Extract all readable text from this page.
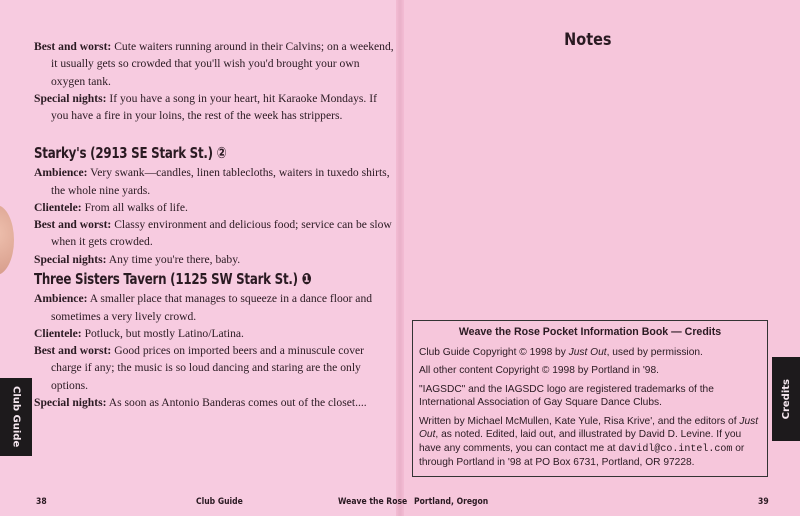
Best and worst: Cute waiters running around in their Calvins; on a weekend, it usually gets so crowded that you'll wish you'd brought your own oxygen tank.

Special nights: If you have a song in your heart, hit Karaoke Mondays. If you have a fire in your loins, the rest of the week has strippers.

Starky's (2913 SE Stark St.) ②

Ambience: Very swank—candles, linen tablecloths, waiters in tuxedo shirts, the whole nine yards.

Clientele: From all walks of life.

Best and worst: Classy environment and delicious food; service can be slow when it gets crowded.

Special nights: Any time you're there, baby.

Three Sisters Tavern (1125 SW Stark St.) ❶

Ambience: A smaller place that manages to squeeze in a dance floor and sometimes a very lively crowd.

Clientele: Potluck, but mostly Latino/Latina.

Best and worst: Good prices on imported beers and a minuscule cover charge if any; the music is so loud dancing and staring are the only options.

Special nights: As soon as Antonio Banderas comes out of the closet....

Club Guide
38	Club Guide	Weave the Rose
Notes
Weave the Rose Pocket Information Book — Credits

Club Guide Copyright © 1998 by Just Out, used by permission.

All other content Copyright © 1998 by Portland in '98.

"IAGSDC" and the IAGSDC logo are registered trademarks of the International Association of Gay Square Dance Clubs.

Written by Michael McMullen, Kate Yule, Risa Krive', and the editors of Just Out, as noted. Edited, laid out, and illustrated by David D. Levine. If you have any comments, you can contact me at davidl@co.intel.com or through Portland in '98 at PO Box 6731, Portland, OR 97228.

Credits
Portland, Oregon	39
